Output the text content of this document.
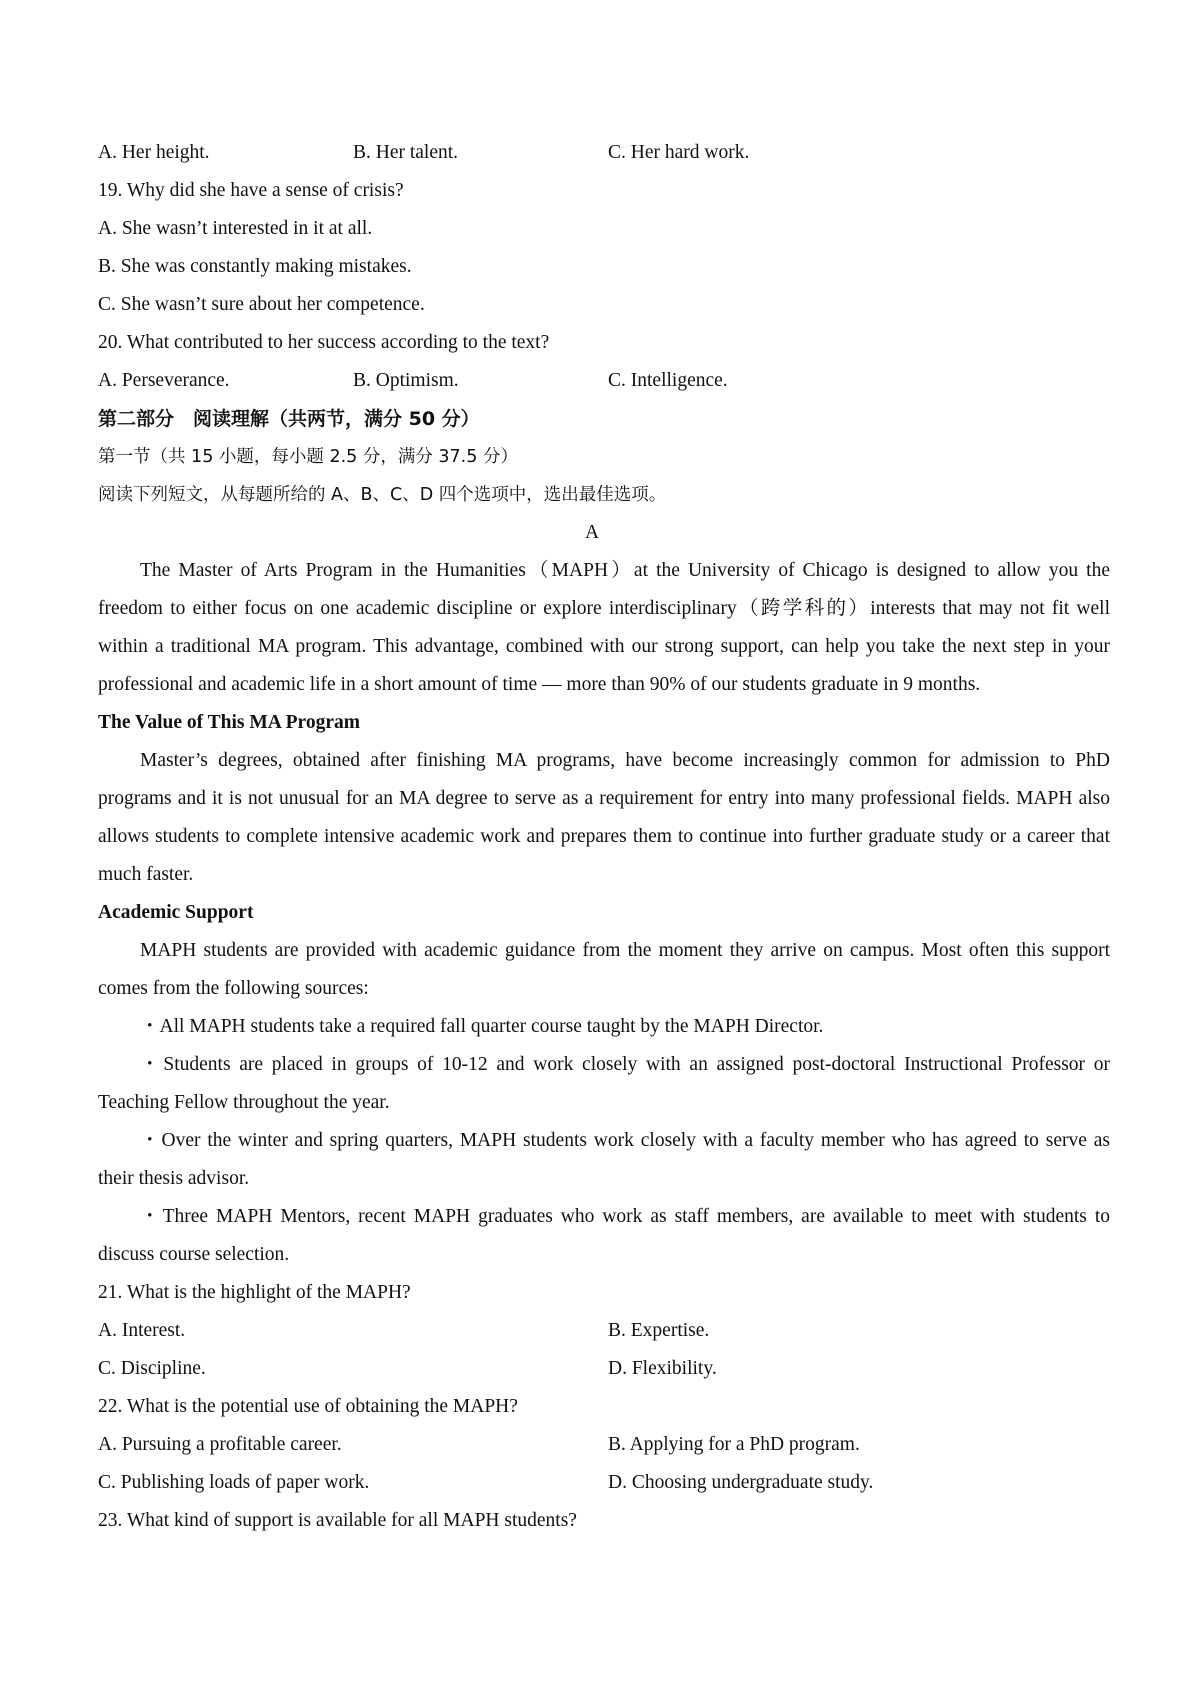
A. Her height.	B. Her talent.	C. Her hard work.
19. Why did she have a sense of crisis?
A. She wasn’t interested in it at all.
B. She was constantly making mistakes.
C. She wasn’t sure about her competence.
20. What contributed to her success according to the text?
A. Perseverance.	B. Optimism.	C. Intelligence.
第二部分　阅读理解（共两节，满分 50 分）
第一节（共 15 小题，每小题 2.5 分，满分 37.5 分）
阅读下列短文，从每题所给的 A、B、C、D 四个选项中，选出最佳选项。
A
The Master of Arts Program in the Humanities（MAPH）at the University of Chicago is designed to allow you the freedom to either focus on one academic discipline or explore interdisciplinary（跨学科的）interests that may not fit well within a traditional MA program. This advantage, combined with our strong support, can help you take the next step in your professional and academic life in a short amount of time — more than 90% of our students graduate in 9 months.
The Value of This MA Program
Master’s degrees, obtained after finishing MA programs, have become increasingly common for admission to PhD programs and it is not unusual for an MA degree to serve as a requirement for entry into many professional fields. MAPH also allows students to complete intensive academic work and prepares them to continue into further graduate study or a career that much faster.
Academic Support
MAPH students are provided with academic guidance from the moment they arrive on campus. Most often this support comes from the following sources:
・All MAPH students take a required fall quarter course taught by the MAPH Director.
・Students are placed in groups of 10-12 and work closely with an assigned post-doctoral Instructional Professor or Teaching Fellow throughout the year.
・Over the winter and spring quarters, MAPH students work closely with a faculty member who has agreed to serve as their thesis advisor.
・Three MAPH Mentors, recent MAPH graduates who work as staff members, are available to meet with students to discuss course selection.
21. What is the highlight of the MAPH?
A. Interest.	B. Expertise.
C. Discipline.	D. Flexibility.
22. What is the potential use of obtaining the MAPH?
A. Pursuing a profitable career.	B. Applying for a PhD program.
C. Publishing loads of paper work.	D. Choosing undergraduate study.
23. What kind of support is available for all MAPH students?
